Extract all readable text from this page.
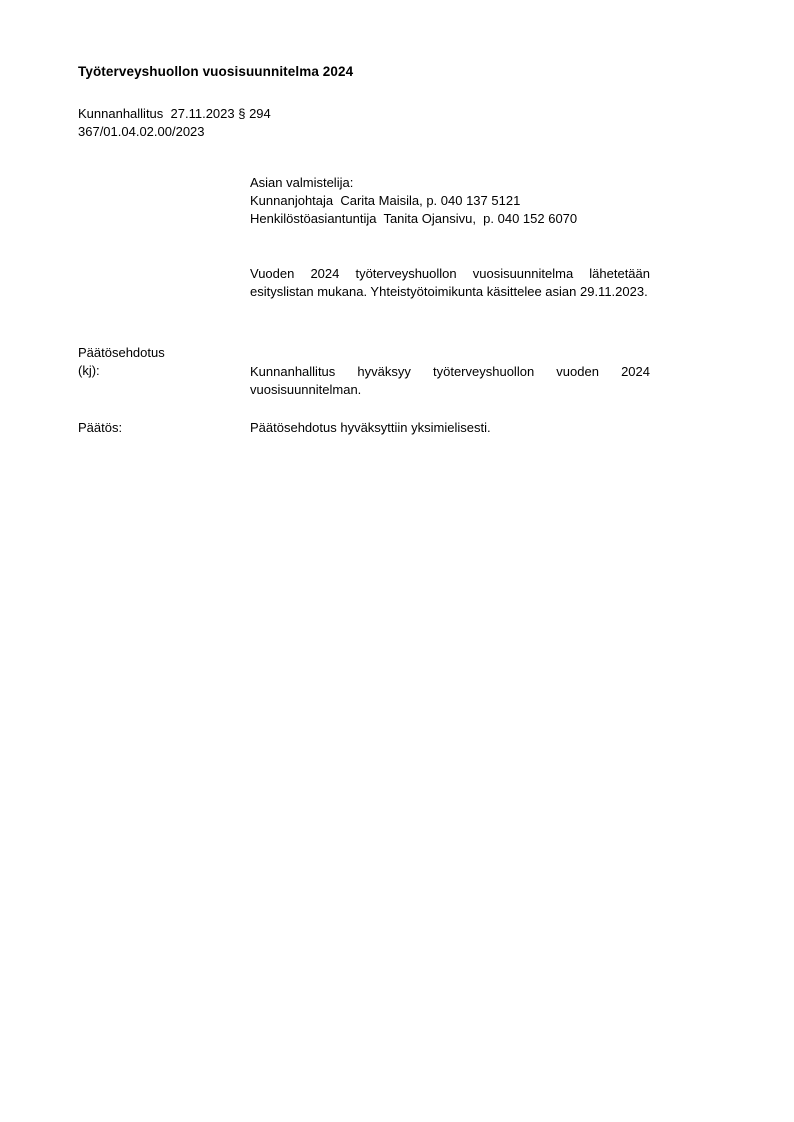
Työterveyshuollon vuosisuunnitelma 2024
Kunnanhallitus  27.11.2023 § 294
367/01.04.02.00/2023
Asian valmistelija:
Kunnanjohtaja  Carita Maisila, p. 040 137 5121
Henkilöstöasiantuntija  Tanita Ojansivu,  p. 040 152 6070
Vuoden 2024 työterveyshuollon vuosisuunnitelma lähetetään esityslistan mukana. Yhteistyötoimikunta käsittelee asian 29.11.2023.
Päätösehdotus
(kj):	Kunnanhallitus hyväksyy työterveyshuollon vuoden 2024 vuosisuunnitelman.
Päätös:	Päätösehdotus hyväksyttiin yksimielisesti.
